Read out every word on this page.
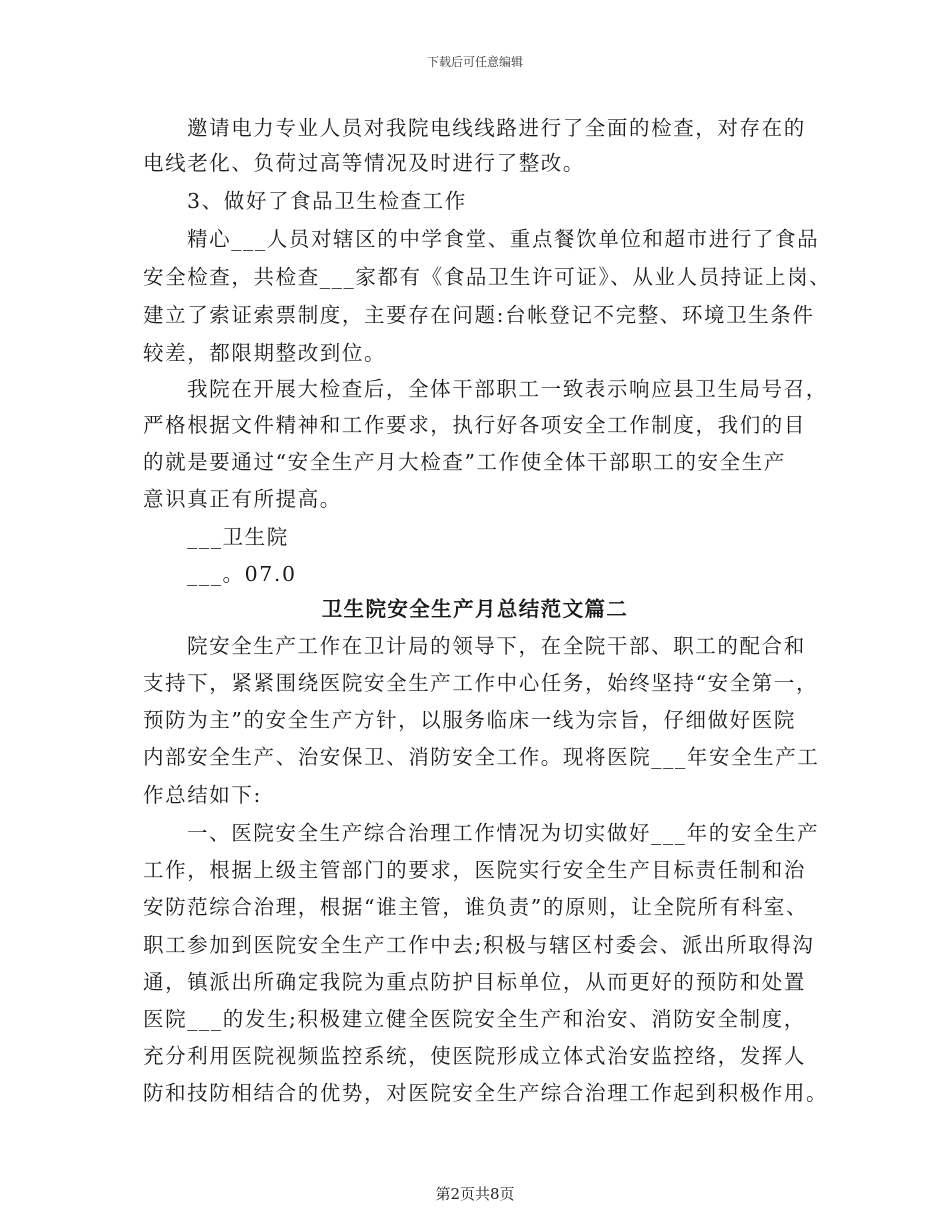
下载后可任意编辑
邀请电力专业人员对我院电线线路进行了全面的检查，对存在的
电线老化、负荷过高等情况及时进行了整改。
3、做好了食品卫生检查工作
精心___人员对辖区的中学食堂、重点餐饮单位和超市进行了食品
安全检查，共检查___家都有《食品卫生许可证》、从业人员持证上岗、
建立了索证索票制度，主要存在问题:台帐登记不完整、环境卫生条件
较差，都限期整改到位。
我院在开展大检查后，全体干部职工一致表示响应县卫生局号召，
严格根据文件精神和工作要求，执行好各项安全工作制度，我们的目
的就是要通过“安全生产月大检查”工作使全体干部职工的安全生产
意识真正有所提高。
___卫生院
___。07.0
卫生院安全生产月总结范文篇二
院安全生产工作在卫计局的领导下，在全院干部、职工的配合和
支持下，紧紧围绕医院安全生产工作中心任务，始终坚持“安全第一，
预防为主”的安全生产方针，以服务临床一线为宗旨，仔细做好医院
内部安全生产、治安保卫、消防安全工作。现将医院___年安全生产工
作总结如下:
一、医院安全生产综合治理工作情况为切实做好___年的安全生产
工作，根据上级主管部门的要求，医院实行安全生产目标责任制和治
安防范综合治理，根据“谁主管，谁负责”的原则，让全院所有科室、
职工参加到医院安全生产工作中去;积极与辖区村委会、派出所取得沟
通，镇派出所确定我院为重点防护目标单位，从而更好的预防和处置
医院___的发生;积极建立健全医院安全生产和治安、消防安全制度，
充分利用医院视频监控系统，使医院形成立体式治安监控络，发挥人
防和技防相结合的优势，对医院安全生产综合治理工作起到积极作用。
第2页共8页
